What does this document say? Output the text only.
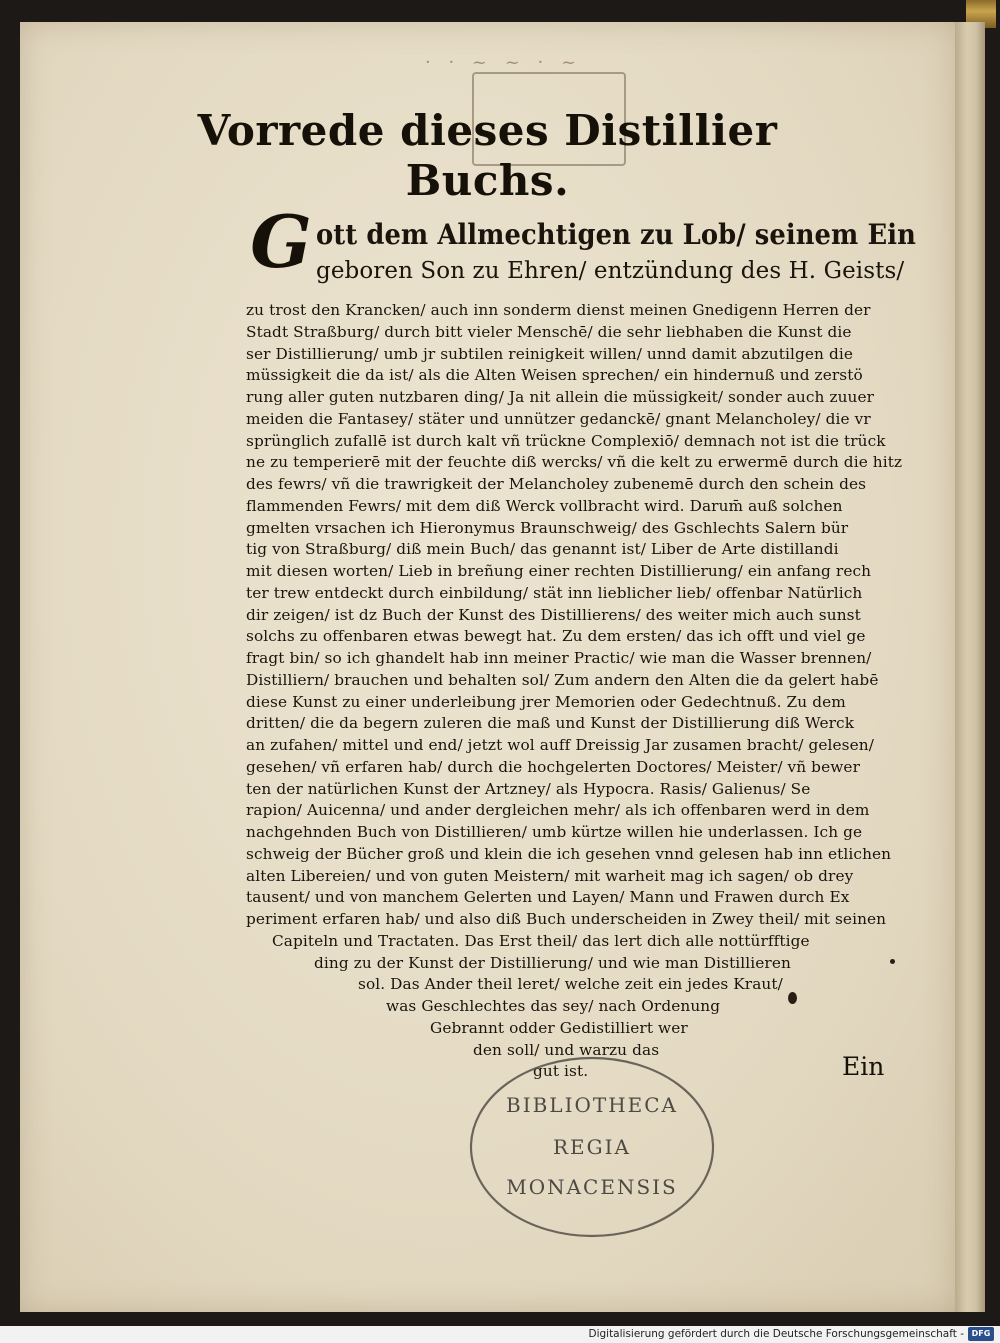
· · ~ ~ · ~
Vorrede dieses Distillier
Buchs.
G ott dem Allmechtigen zu Lob/ seinem Ein
geboren Son zu Ehren/ entzündung des H. Geists/
zu trost den Krancken/ auch inn sonderm dienst meinen Gnedigenn Herren der
Stadt Straßburg/ durch bitt vieler Menschē/ die sehr liebhaben die Kunst die
ser Distillierung/ umb jr subtilen reinigkeit willen/ unnd damit abzutilgen die
müssigkeit die da ist/ als die Alten Weisen sprechen/ ein hindernuß und zerstö
rung aller guten nutzbaren ding/ Ja nit allein die müssigkeit/ sonder auch zuuer
meiden die Fantasey/ stäter und unnützer gedanckē/ gnant Melancholey/ die vr
sprünglich zufallē ist durch kalt vñ trückne Complexiō/ demnach not ist die trück
ne zu temperierē mit der feuchte diß wercks/ vñ die kelt zu erwermē durch die hitz
des fewrs/ vñ die trawrigkeit der Melancholey zubenemē durch den schein des
flammenden Fewrs/ mit dem diß Werck vollbracht wird. Darum̄ auß solchen
gmelten vrsachen ich Hieronymus Braunschweig/ des Gschlechts Salern bür
tig von Straßburg/ diß mein Buch/ das genannt ist/ Liber de Arte distillandi
mit diesen worten/ Lieb in breñung einer rechten Distillierung/ ein anfang rech
ter trew entdeckt durch einbildung/ stät inn lieblicher lieb/ offenbar Natürlich
dir zeigen/ ist dz Buch der Kunst des Distillierens/ des weiter mich auch sunst
solchs zu offenbaren etwas bewegt hat. Zu dem ersten/ das ich offt und viel ge
fragt bin/ so ich ghandelt hab inn meiner Practic/ wie man die Wasser brennen/
Distilliern/ brauchen und behalten sol/ Zum andern den Alten die da gelert habē
diese Kunst zu einer underleibung jrer Memorien oder Gedechtnuß. Zu dem
dritten/ die da begern zuleren die maß und Kunst der Distillierung diß Werck
an zufahen/ mittel und end/ jetzt wol auff Dreissig Jar zusamen bracht/ gelesen/
gesehen/ vñ erfaren hab/ durch die hochgelerten Doctores/ Meister/ vñ bewer
ten der natürlichen Kunst der Artzney/ als Hypocra. Rasis/ Galienus/ Se
rapion/ Auicenna/ und ander dergleichen mehr/ als ich offenbaren werd in dem
nachgehnden Buch von Distillieren/ umb kürtze willen hie underlassen. Ich ge
schweig der Bücher groß und klein die ich gesehen vnnd gelesen hab inn etlichen
alten Libereien/ und von guten Meistern/ mit warheit mag ich sagen/ ob drey
tausent/ und von manchem Gelerten und Layen/ Mann und Frawen durch Ex
periment erfaren hab/ und also diß Buch underscheiden in Zwey theil/ mit seinen
Capiteln und Tractaten. Das Erst theil/ das lert dich alle nottürfftige
ding zu der Kunst der Distillierung/ und wie man Distillieren
sol. Das Ander theil leret/ welche zeit ein jedes Kraut/
was Geschlechtes das sey/ nach Ordenung
Gebrannt odder Gedistilliert wer
den soll/ und warzu das
gut ist.	Ein
BIBLIOTHECA
REGIA
MONACENSIS
Digitalisierung gefördert durch die Deutsche Forschungsgemeinschaft - DFG
